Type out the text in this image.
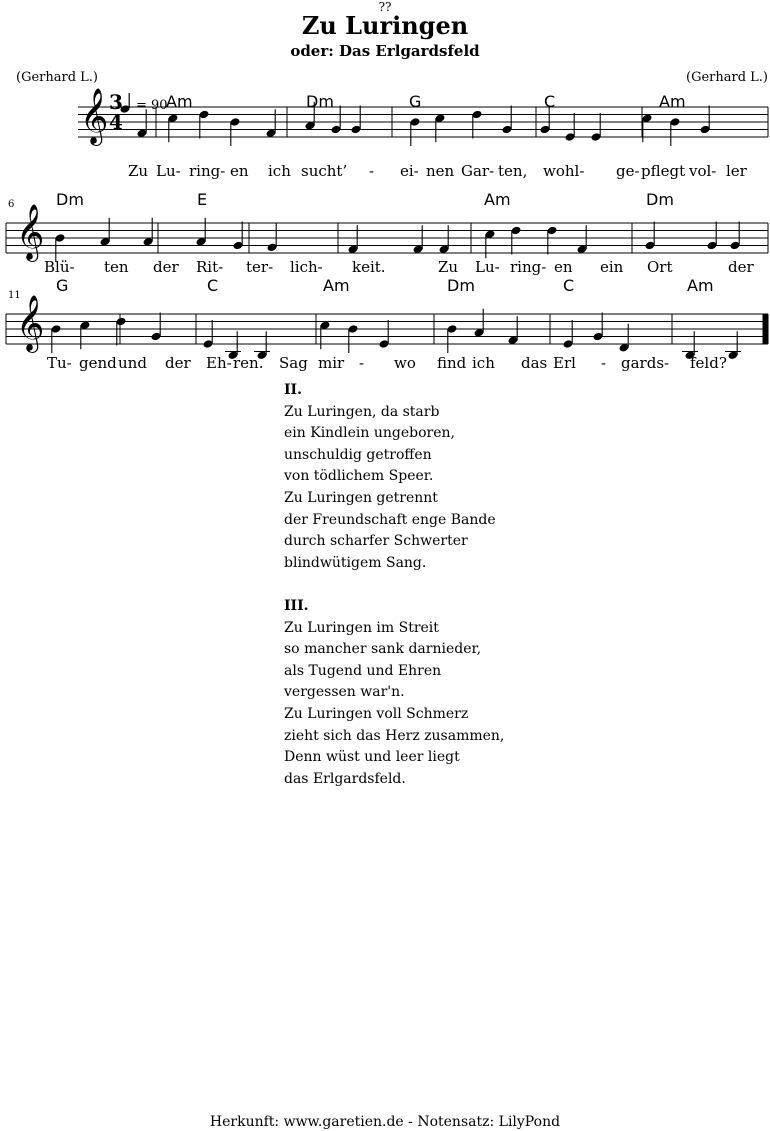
??
Zu Luringen
oder: Das Erlgardsfeld
(Gerhard L.)	(Gerhard L.)
𝄞
𝄞
𝄞
3
4
= 90
6
11
Am	Dm	G	C	Am
Dm	E	Am	Dm
G	C	Am	Dm	C	Am
Zu Lu- ring- en ich sucht’ - ei- nen Gar- ten, wohl- ge- pflegt vol- ler
Blü- ten der Rit- ter- lich- keit.	Zu Lu- ring- en ein Ort	der
Tu- gend und der Eh- ren. Sag mir - wo find ich das Erl - gards- feld?
II.
Zu Luringen, da starb
ein Kindlein ungeboren,
unschuldig getroffen
von tödlichem Speer.
Zu Luringen getrennt
der Freundschaft enge Bande
durch scharfer Schwerter
blindwütigem Sang.
III.
Zu Luringen im Streit
so mancher sank darnieder,
als Tugend und Ehren
vergessen war'n.
Zu Luringen voll Schmerz
zieht sich das Herz zusammen,
Denn wüst und leer liegt
das Erlgardsfeld.
Herkunft: www.garetien.de - Notensatz: LilyPond
